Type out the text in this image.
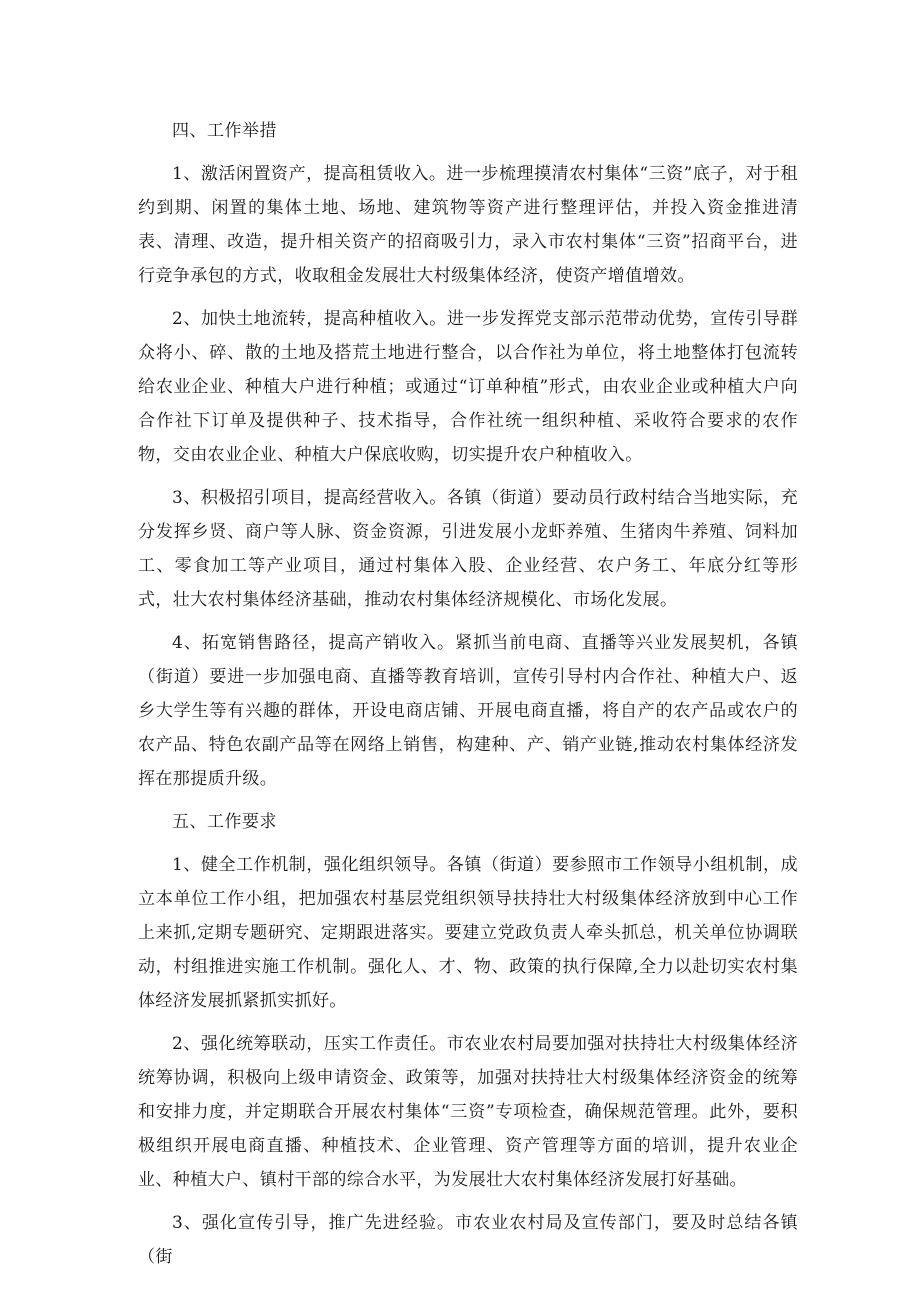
四、工作举措

1、激活闲置资产，提高租赁收入。进一步梳理摸清农村集体“三资”底子，对于租约到期、闲置的集体土地、场地、建筑物等资产进行整理评估，并投入资金推进清表、清理、改造，提升相关资产的招商吸引力，录入市农村集体“三资”招商平台，进行竞争承包的方式，收取租金发展壮大村级集体经济，使资产增值增效。

2、加快土地流转，提高种植收入。进一步发挥党支部示范带动优势，宣传引导群众将小、碎、散的土地及搭荒土地进行整合，以合作社为单位，将土地整体打包流转给农业企业、种植大户进行种植；或通过“订单种植”形式，由农业企业或种植大户向合作社下订单及提供种子、技术指导，合作社统一组织种植、采收符合要求的农作物，交由农业企业、种植大户保底收购，切实提升农户种植收入。

3、积极招引项目，提高经营收入。各镇（街道）要动员行政村结合当地实际，充分发挥乡贤、商户等人脉、资金资源，引进发展小龙虾养殖、生猪肉牛养殖、饲料加工、零食加工等产业项目，通过村集体入股、企业经营、农户务工、年底分红等形式，壮大农村集体经济基础，推动农村集体经济规模化、市场化发展。

4、拓宽销售路径，提高产销收入。紧抓当前电商、直播等兴业发展契机，各镇（街道）要进一步加强电商、直播等教育培训，宣传引导村内合作社、种植大户、返乡大学生等有兴趣的群体，开设电商店铺、开展电商直播，将自产的农产品或农户的农产品、特色农副产品等在网络上销售，构建种、产、销产业链,推动农村集体经济发挥在那提质升级。

五、工作要求

1、健全工作机制，强化组织领导。各镇（街道）要参照市工作领导小组机制，成立本单位工作小组，把加强农村基层党组织领导扶持壮大村级集体经济放到中心工作上来抓,定期专题研究、定期跟进落实。要建立党政负责人牵头抓总，机关单位协调联动，村组推进实施工作机制。强化人、才、物、政策的执行保障,全力以赴切实农村集体经济发展抓紧抓实抓好。

2、强化统筹联动，压实工作责任。市农业农村局要加强对扶持壮大村级集体经济统筹协调，积极向上级申请资金、政策等，加强对扶持壮大村级集体经济资金的统筹和安排力度，并定期联合开展农村集体“三资”专项检查，确保规范管理。此外，要积极组织开展电商直播、种植技术、企业管理、资产管理等方面的培训，提升农业企业、种植大户、镇村干部的综合水平，为发展壮大农村集体经济发展打好基础。

3、强化宣传引导，推广先进经验。市农业农村局及宣传部门，要及时总结各镇（街
